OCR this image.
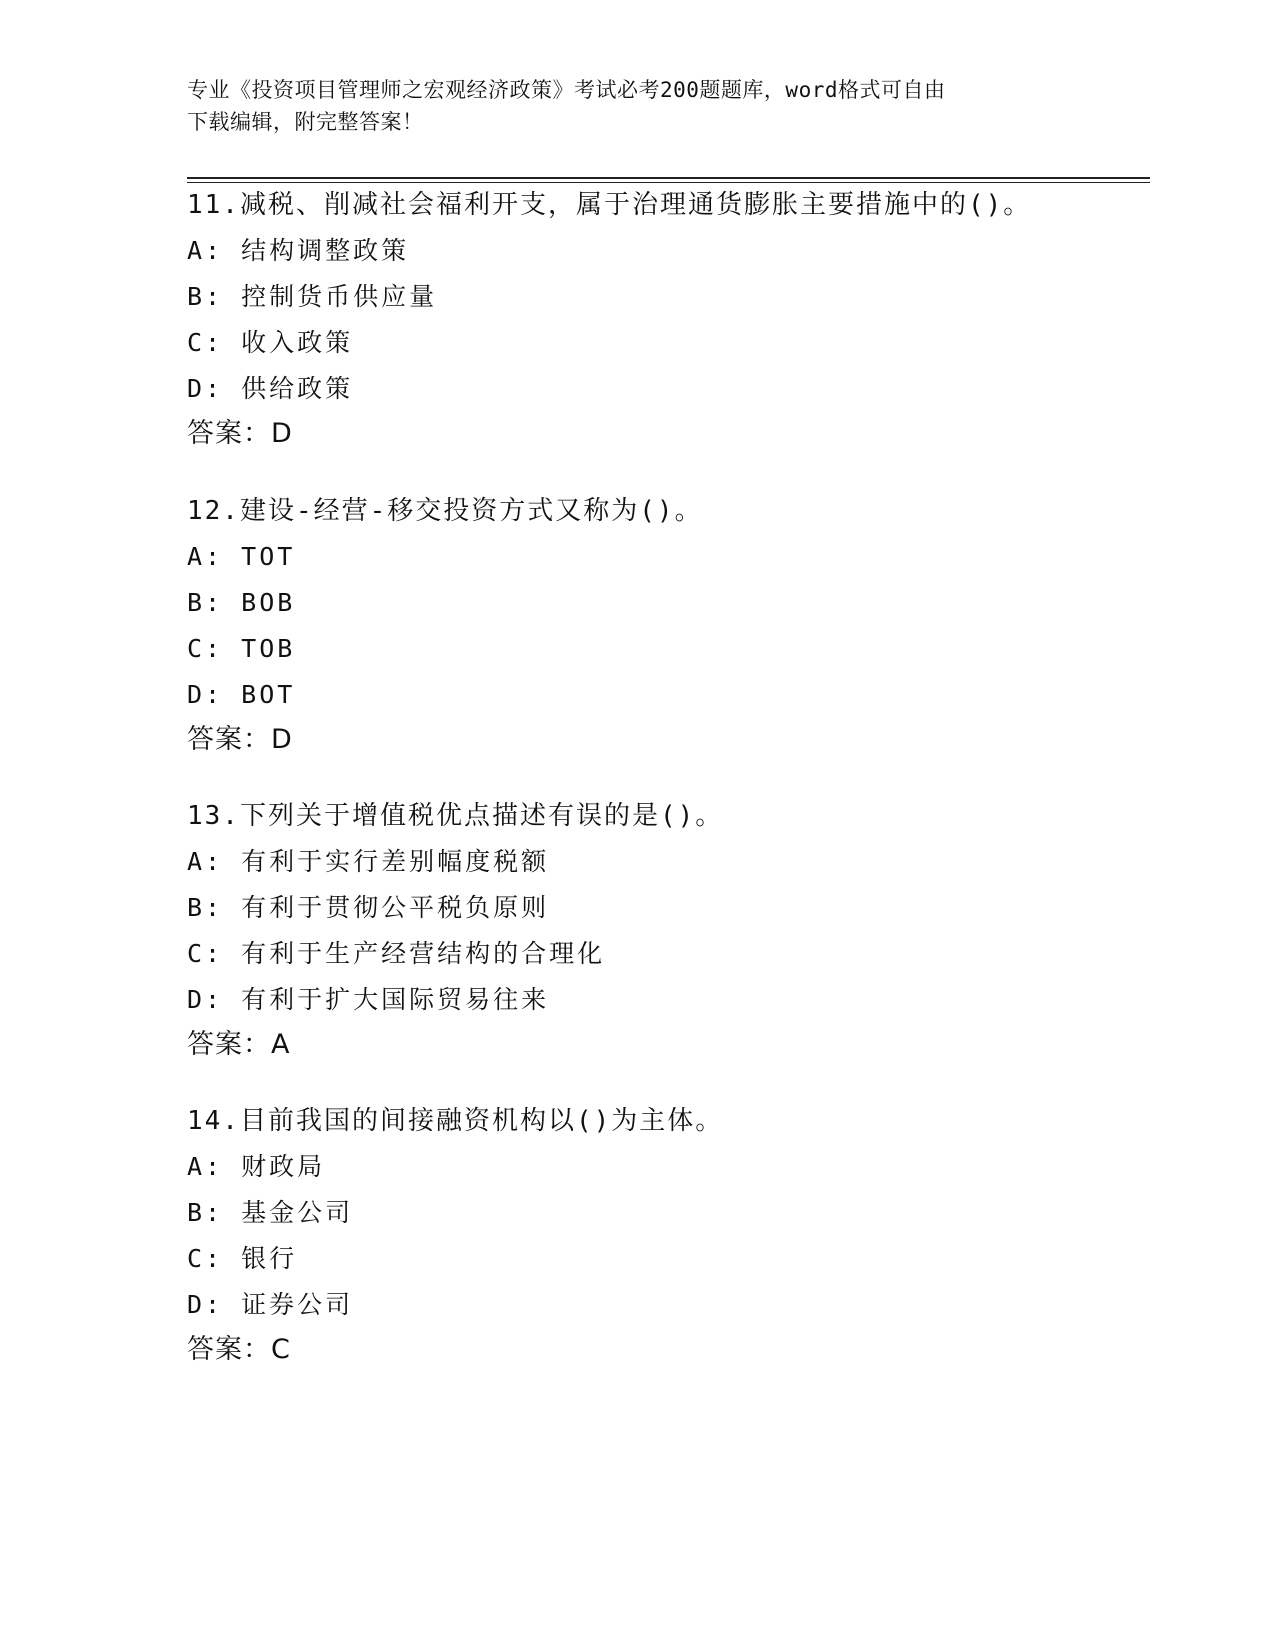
专业《投资项目管理师之宏观经济政策》考试必考200题题库，word格式可自由
下载编辑，附完整答案！
11.减税、削减社会福利开支，属于治理通货膨胀主要措施中的()。
A: 结构调整政策
B: 控制货币供应量
C: 收入政策
D: 供给政策
答案：D
12.建设-经营-移交投资方式又称为()。
A: TOT
B: BOB
C: TOB
D: BOT
答案：D
13.下列关于增值税优点描述有误的是()。
A: 有利于实行差别幅度税额
B: 有利于贯彻公平税负原则
C: 有利于生产经营结构的合理化
D: 有利于扩大国际贸易往来
答案：A
14.目前我国的间接融资机构以()为主体。
A: 财政局
B: 基金公司
C: 银行
D: 证券公司
答案：C
